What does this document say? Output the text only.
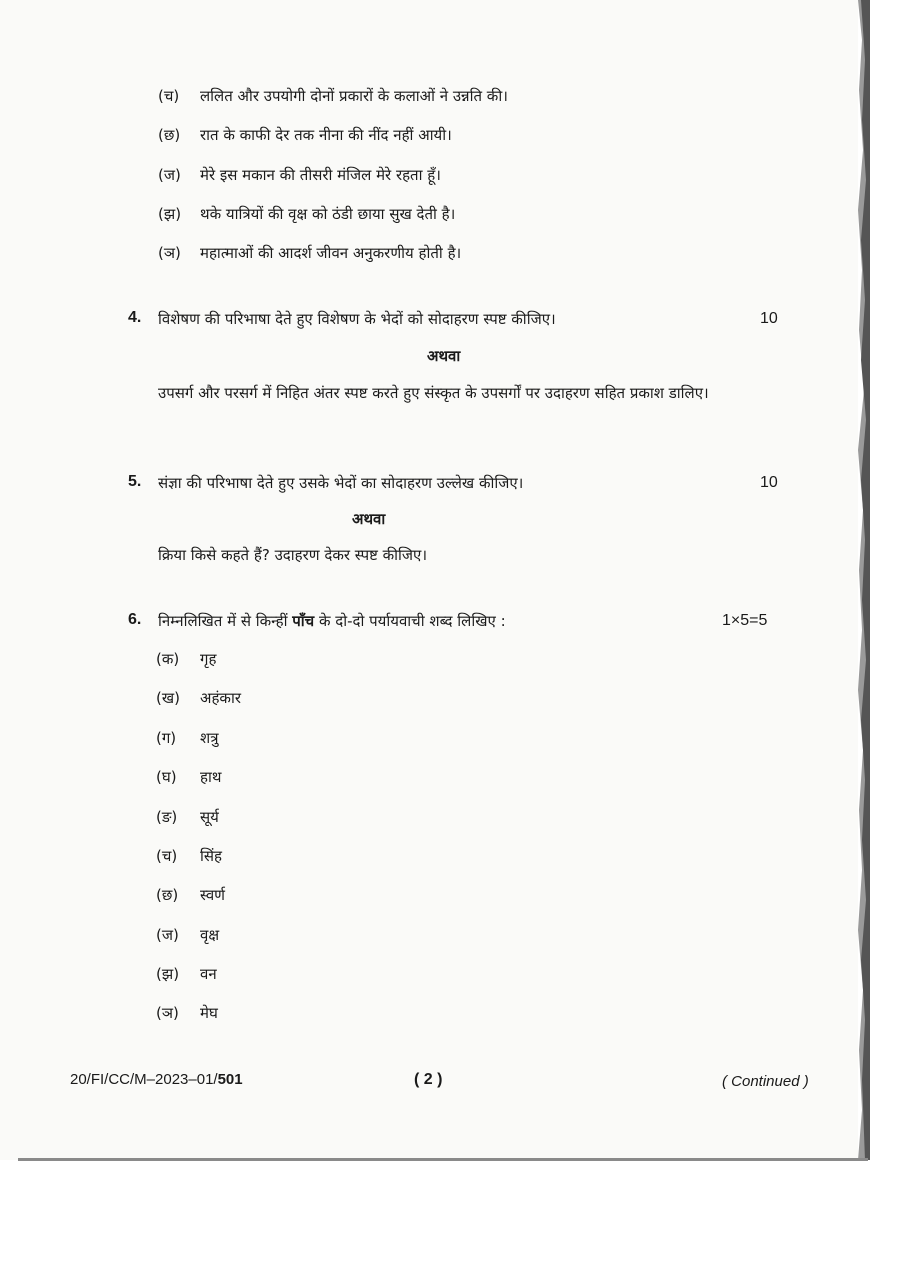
(च) ललित और उपयोगी दोनों प्रकारों के कलाओं ने उन्नति की।
(छ) रात के काफी देर तक नीना की नींद नहीं आयी।
(ज) मेरे इस मकान की तीसरी मंजिल मेरे रहता हूँ।
(झ) थके यात्रियों की वृक्ष को ठंडी छाया सुख देती है।
(ञ) महात्माओं की आदर्श जीवन अनुकरणीय होती है।
4. विशेषण की परिभाषा देते हुए विशेषण के भेदों को सोदाहरण स्पष्ट कीजिए।	10
अथवा
उपसर्ग और परसर्ग में निहित अंतर स्पष्ट करते हुए संस्कृत के उपसर्गों पर उदाहरण सहित प्रकाश डालिए।
5. संज्ञा की परिभाषा देते हुए उसके भेदों का सोदाहरण उल्लेख कीजिए।	10
अथवा
क्रिया किसे कहते हैं? उदाहरण देकर स्पष्ट कीजिए।
6. निम्नलिखित में से किन्हीं पाँच के दो-दो पर्यायवाची शब्द लिखिए :	1×5=5
(क) गृह
(ख) अहंकार
(ग) शत्रु
(घ) हाथ
(ङ) सूर्य
(च) सिंह
(छ) स्वर्ण
(ज) वृक्ष
(झ) वन
(ञ) मेघ
20/FI/CC/M–2023–01/501	( 2 )	( Continued )
